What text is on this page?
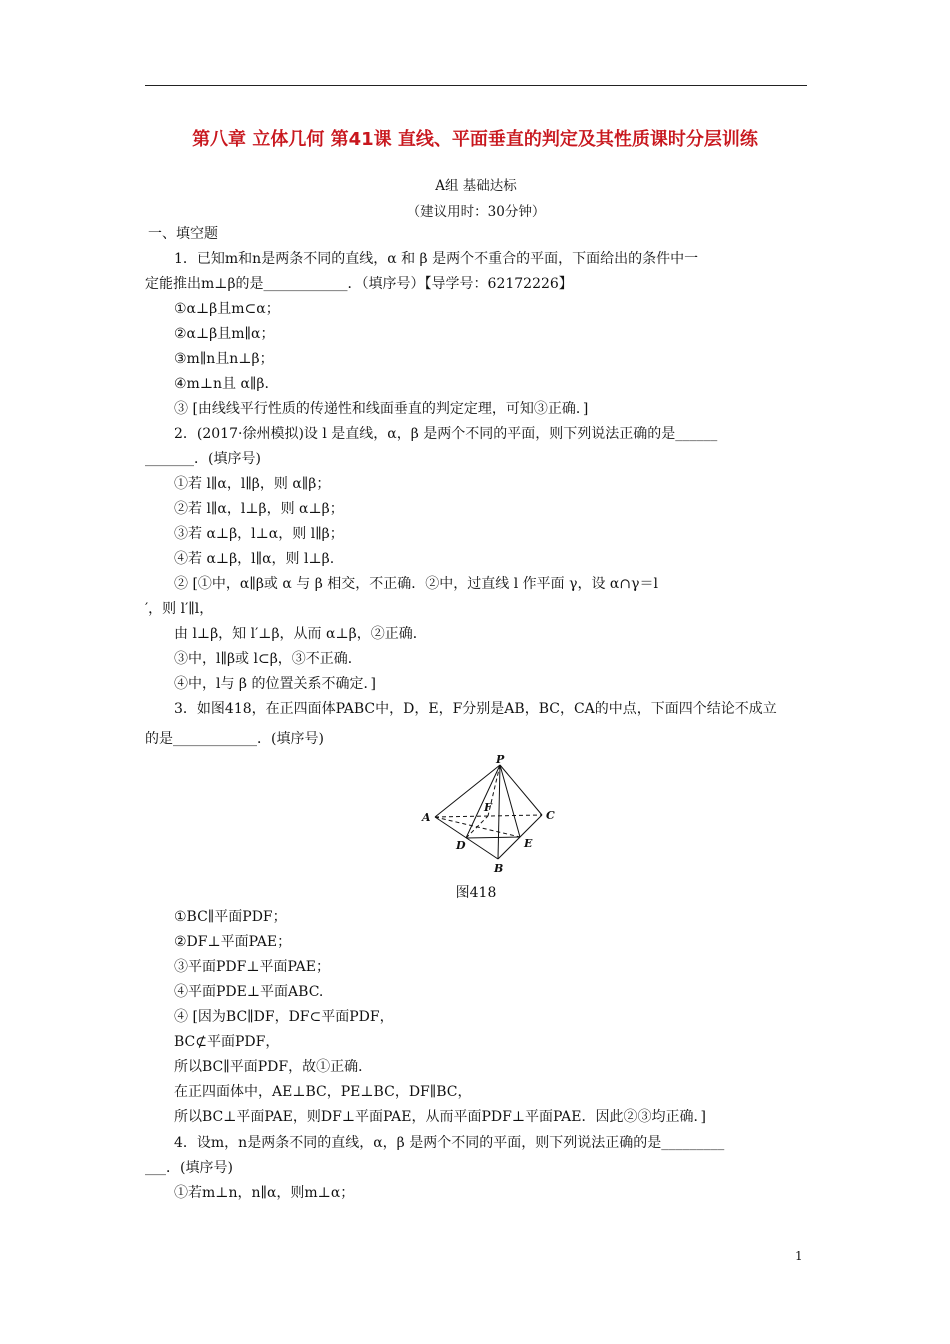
第八章 立体几何 第41课 直线、平面垂直的判定及其性质课时分层训练
A组 基础达标
（建议用时：30分钟）
一、填空题
1．已知m和n是两条不同的直线，α 和 β 是两个不重合的平面，下面给出的条件中一
定能推出m⊥β的是____________．（填序号）【导学号：62172226】
①α⊥β且m⊂α；
②α⊥β且m∥α；
③m∥n且n⊥β；
④m⊥n且 α∥β.
③ [由线线平行性质的传递性和线面垂直的判定定理，可知③正确．]
2．(2017·徐州模拟)设 l 是直线，α，β 是两个不同的平面，则下列说法正确的是______
_______．(填序号)
①若 l∥α，l∥β，则 α∥β；
②若 l∥α，l⊥β，则 α⊥β；
③若 α⊥β，l⊥α，则 l∥β；
④若 α⊥β，l∥α，则 l⊥β.
② [①中，α∥β或 α 与 β 相交，不正确．②中，过直线 l 作平面 γ，设 α∩γ＝l
′，则 l′∥l，
由 l⊥β，知 l′⊥β，从而 α⊥β，②正确．
③中，l∥β或 l⊂β，③不正确．
④中，l与 β 的位置关系不确定．]
3．如图418，在正四面体PABC中，D，E，F分别是AB，BC，CA的中点，下面四个结论不成立
的是____________．(填序号)
P
A	C
D	E
F
B
图418
①BC∥平面PDF；
②DF⊥平面PAE；
③平面PDF⊥平面PAE；
④平面PDE⊥平面ABC.
④ [因为BC∥DF，DF⊂平面PDF，
BC⊄平面PDF，
所以BC∥平面PDF，故①正确．
在正四面体中，AE⊥BC，PE⊥BC，DF∥BC，
所以BC⊥平面PAE，则DF⊥平面PAE，从而平面PDF⊥平面PAE．因此②③均正确．]
4．设m，n是两条不同的直线，α，β 是两个不同的平面，则下列说法正确的是_________
___．(填序号)
①若m⊥n，n∥α，则m⊥α；
1
